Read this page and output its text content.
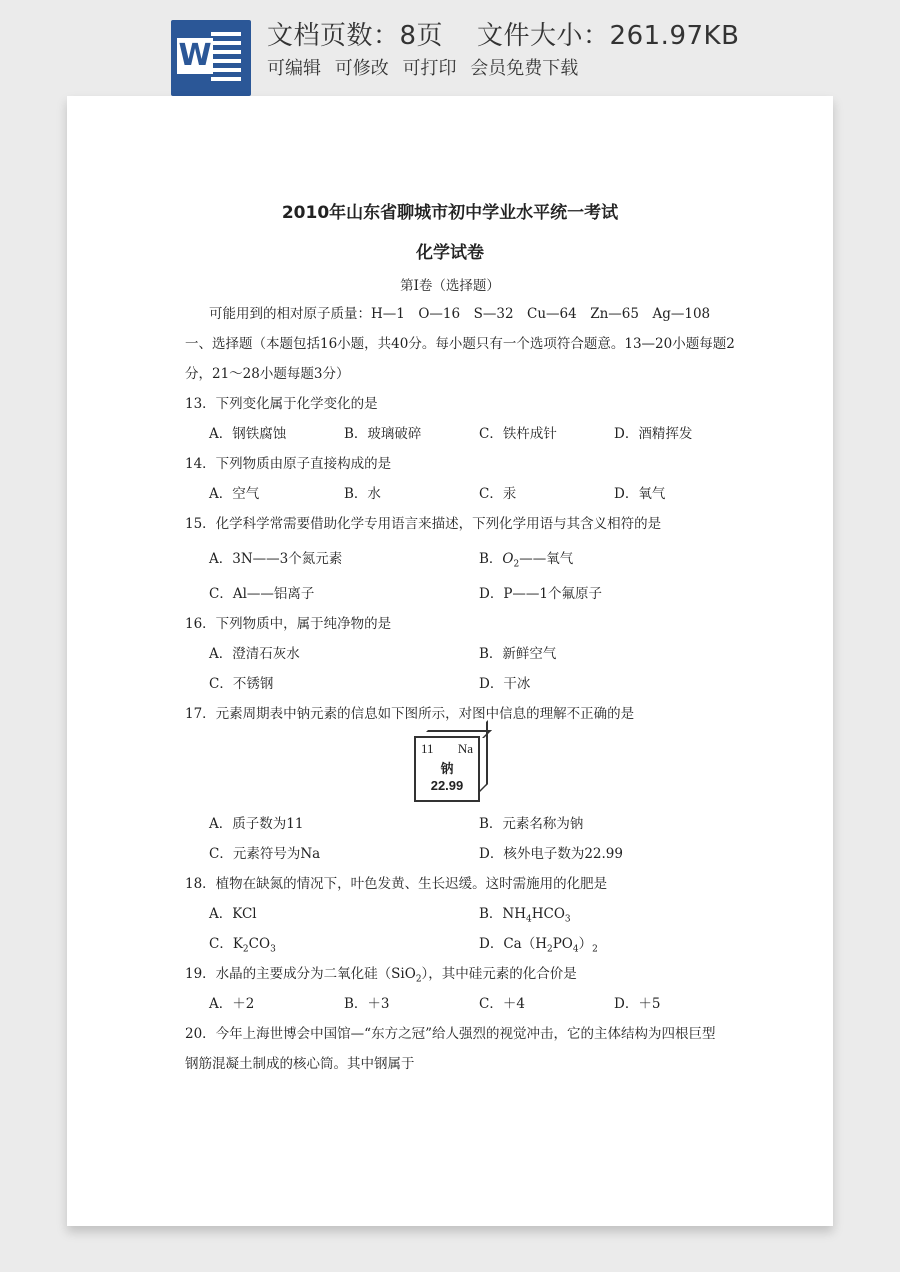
W
文档页数：8页 文件大小：261.97KB
可编辑 可修改 可打印 会员免费下载
2010年山东省聊城市初中学业水平统一考试
化学试卷
第Ⅰ卷（选择题）
可能用到的相对原子质量：H—1　O—16　S—32　Cu—64　Zn—65　Ag—108
一、选择题（本题包括16小题，共40分。每小题只有一个选项符合题意。13—20小题每题2
分，21～28小题每题3分）
13．下列变化属于化学变化的是
A．钢铁腐蚀	B．玻璃破碎	C．铁杵成针	D．酒精挥发
14．下列物质由原子直接构成的是
A．空气	B．水	C．汞	D．氧气
15．化学科学常需要借助化学专用语言来描述，下列化学用语与其含义相符的是
A．3N——3个氮元素	B．$O_2——$氧气
C．Al——铝离子	D．P——1个氟原子
16．下列物质中，属于纯净物的是
A．澄清石灰水	B．新鲜空气
C．不锈钢	D．干冰
17．元素周期表中钠元素的信息如下图所示，对图中信息的理解不正确的是
11 Na
钠
22.99
A．质子数为11	B．元素名称为钠
C．元素符号为Na	D．核外电子数为22.99
18．植物在缺氮的情况下，叶色发黄、生长迟缓。这时需施用的化肥是
A．KCl	B．$NH_4HCO_3$
C．$K_2CO_3$	D．$Ca(H_2PO_4)_2$
19．水晶的主要成分为二氧化硅（SiO$_2$），其中硅元素的化合价是
A．＋2	B．＋3	C．＋4	D．＋5
20．今年上海世博会中国馆—“东方之冠”给人强烈的视觉冲击，它的主体结构为四根巨型
钢筋混凝土制成的核心筒。其中钢属于
